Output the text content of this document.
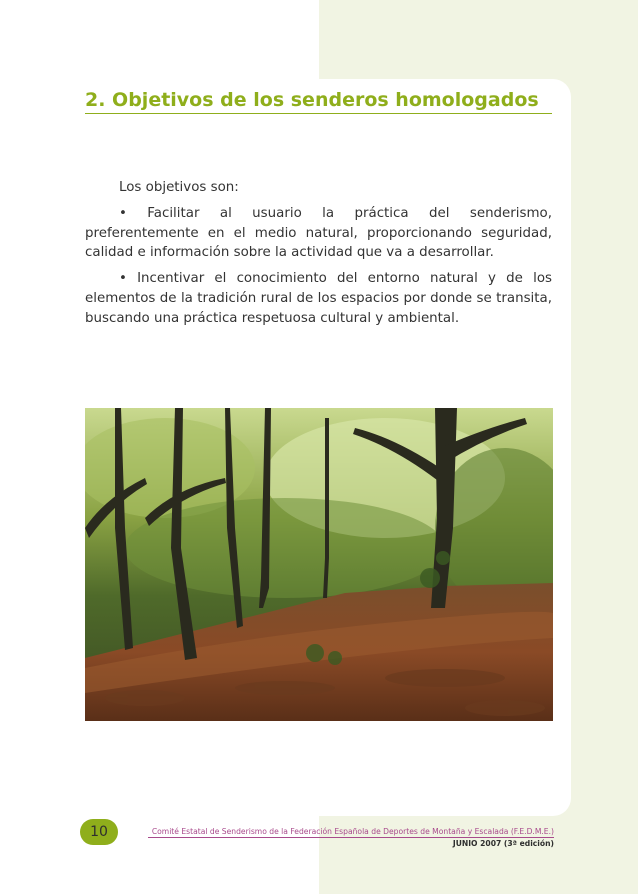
2. Objetivos de los senderos homologados

Los objetivos son:

• Facilitar al usuario la práctica del senderismo, preferentemente en el medio natural, proporcionando seguridad, calidad e información sobre la actividad que va a desarrollar.

• Incentivar el conocimiento del entorno natural y de los elementos de la tradición rural de los espacios por donde se transita, buscando una práctica respetuosa cultural y ambiental.

10	Comité Estatal de Senderismo de la Federación Española de Deportes de Montaña y Escalada (F.E.D.M.E.)
JUNIO 2007 (3ª edición)
